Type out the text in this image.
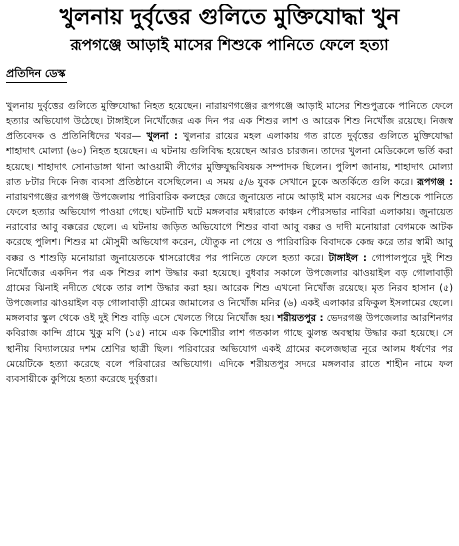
খুলনায় দুর্বৃত্তের গুলিতে মুক্তিযোদ্ধা খুন
রূপগঞ্জে আড়াই মাসের শিশুকে পানিতে ফেলে হত্যা
প্রতিদিন ডেস্ক

খুলনায় দুর্বৃত্তের গুলিতে মুক্তিযোদ্ধা নিহত হয়েছেন। নারায়ণগঞ্জের রূপগঞ্জে আড়াই মাসের শিশুপুত্রকে পানিতে ফেলে হত্যার অভিযোগ উঠেছে। টাঙ্গাইলে নিখোঁজের এক দিন পর এক শিশুর লাশ ও আরেক শিশু নিখোঁজ রয়েছে। নিজস্ব প্রতিবেদক ও প্রতিনিধিদের খবর— খুলনা : খুলনার রায়ের মহল এলাকায় গত রাতে দুর্বৃত্তের গুলিতে মুক্তিযোদ্ধা শাহাদাৎ মোল্যা (৬০) নিহত হয়েছেন। এ ঘটনায় গুলিবিদ্ধ হয়েছেন আরও চারজন। তাদের খুলনা মেডিকেলে ভর্তি করা হয়েছে। শাহাদাৎ সোনাডাঙ্গা থানা আওয়ামী লীগের মুক্তিযুদ্ধবিষয়ক সম্পাদক ছিলেন। পুলিশ জানায়, শাহাদাৎ মোল্যা রাত ৮টার দিকে নিজ ব্যবসা প্রতিষ্ঠানে বসেছিলেন। এ সময় ৫/৬ যুবক সেখানে ঢুকে অতর্কিতে গুলি করে। রূপগঞ্জ : নারায়ণগঞ্জের রূপগঞ্জ উপজেলায় পারিবারিক কলহের জেরে জুনায়েত নামে আড়াই মাস বয়সের এক শিশুকে পানিতে ফেলে হত্যার অভিযোগ পাওয়া গেছে। ঘটনাটি ঘটে মঙ্গলবার মধ্যরাতে কাঞ্চন পৌরসভার নাবিরা এলাকায়। জুনায়েত নরাবোর আবু বক্করের ছেলে। এ ঘটনায় জড়িত অভিযোগে শিশুর বাবা আবু বক্কর ও দাদী মনোয়ারা বেগমকে আটক করেছে পুলিশ। শিশুর মা মৌসুমী অভিযোগ করেন, যৌতুক না পেয়ে ও পারিবারিক বিবাদকে কেন্দ্র করে তার স্বামী আবু বক্কর ও শাশুড়ি মনোয়ারা জুনায়েতকে শ্বাসরোধের পর পানিতে ফেলে হত্যা করে। টাঙ্গাইল : গোপালপুরে দুই শিশু নিখোঁজের একদিন পর এক শিশুর লাশ উদ্ধার করা হয়েছে। বুধবার সকালে উপজেলার ঝাওয়াইল বড় গোলাবাড়ী গ্রামের ঝিনাই নদীতে থেকে তার লাশ উদ্ধার করা হয়। আরেক শিশু এখনো নিখোঁজ রয়েছে। মৃত নিরব হাসান (৫) উপজেলার ঝাওয়াইল বড় গোলাবাড়ী গ্রামের জামালের ও নিখোঁজ মনির (৬) একই এলাকার রফিকুল ইসলামের ছেলে। মঙ্গলবার স্কুল থেকে ওই দুই শিশু বাড়ি এসে খেলতে গিয়ে নিখোঁজ হয়। শরীয়তপুর : ভেদরগঞ্জ উপজেলার আরশিনগর কবিরাজ কান্দি গ্রামে খুকু মণি (১৫) নামে এক কিশোরীর লাশ গতকাল গাছে ঝুলন্ত অবস্থায় উদ্ধার করা হয়েছে। সে স্থানীয় বিদ্যালয়ের দশম শ্রেণির ছাত্রী ছিল। পরিবারের অভিযোগ একই গ্রামের কলেজছাত্র নূরে আলম ধর্ষণের পর মেয়েটিকে হত্যা করেছে বলে পরিবারের অভিযোগ। এদিকে শরীয়তপুর সদরে মঙ্গলবার রাতে শাহীন নামে ফল ব্যবসায়ীকে কুপিয়ে হত্যা করেছে দুর্বৃত্তরা।
